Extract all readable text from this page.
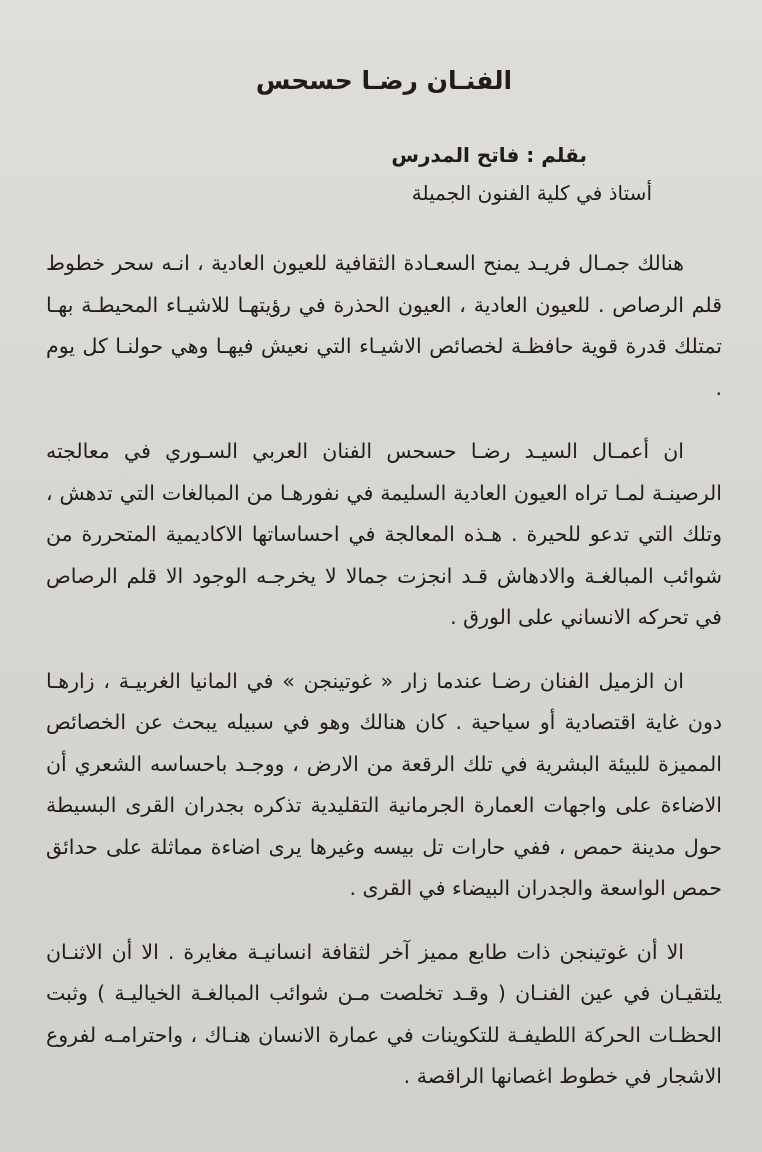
الفنـان رضـا حسحس
بقلم : فاتح المدرس
أستاذ في كلية الفنون الجميلة

هنالك جمـال فريـد يمنح السعـادة الثقافية للعيون العادية ، انـه سحر خطوط قلم الرصاص . للعيون العادية ، العيون الحذرة في رؤيتهـا للاشيـاء المحيطـة بهـا تمتلك قدرة قوية حافظـة لخصائص الاشيـاء التي نعيش فيهـا وهي حولنـا كل يوم .

ان أعمـال السيـد رضـا حسحس الفنان العربي السـوري في معالجته الرصينـة لمـا تراه العيون العادية السليمة في نفورهـا من المبالغات التي تدهش ، وتلك التي تدعو للحيرة . هـذه المعالجة في احساساتها الاكاديمية المتحررة من شوائب المبالغـة والادهاش قـد انجزت جمالا لا يخرجـه الوجود الا قلم الرصاص في تحركه الانساني على الورق .

ان الزميل الفنان رضـا عندما زار « غوتينجن » في المانيا الغربيـة ، زارهـا دون غاية اقتصادية أو سياحية . كان هنالك وهو في سبيله يبحث عن الخصائص المميزة للبيئة البشرية في تلك الرقعة من الارض ، ووجـد باحساسه الشعري أن الاضاءة على واجهات العمارة الجرمانية التقليدية تذكره بجدران القرى البسيطة حول مدينة حمص ، ففي حارات تل بيسه وغيرها يرى اضاءة مماثلة على حدائق حمص الواسعة والجدران البيضاء في القرى .

الا أن غوتينجن ذات طابع مميز آخر لثقافة انسانيـة مغايرة . الا أن الاثنـان يلتقيـان في عين الفنـان ( وقـد تخلصت مـن شوائب المبالغـة الخياليـة ) وثبت الحظـات الحركة اللطيفـة للتكوينات في عمارة الانسان هنـاك ، واحترامـه لفروع الاشجار في خطوط اغصانها الراقصة .
